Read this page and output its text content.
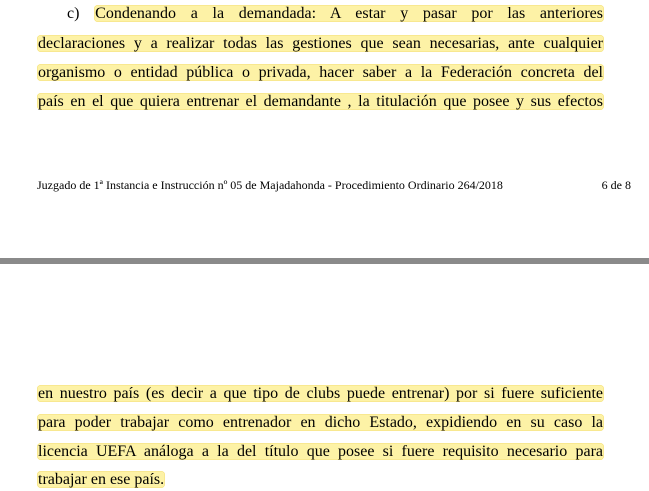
c) Condenando a la demandada: A estar y pasar por las anteriores
declaraciones y a realizar todas las gestiones que sean necesarias, ante cualquier
organismo o entidad pública o privada, hacer saber a la Federación concreta del
país en el que quiera entrenar el demandante , la titulación que posee y sus efectos
Juzgado de 1ª Instancia e Instrucción nº 05 de Majadahonda - Procedimiento Ordinario 264/2018	6 de 8
en nuestro país (es decir a que tipo de clubs puede entrenar) por si fuere suficiente
para poder trabajar como entrenador en dicho Estado, expidiendo en su caso la
licencia UEFA análoga a la del título que posee si fuere requisito necesario para
trabajar en ese país.
